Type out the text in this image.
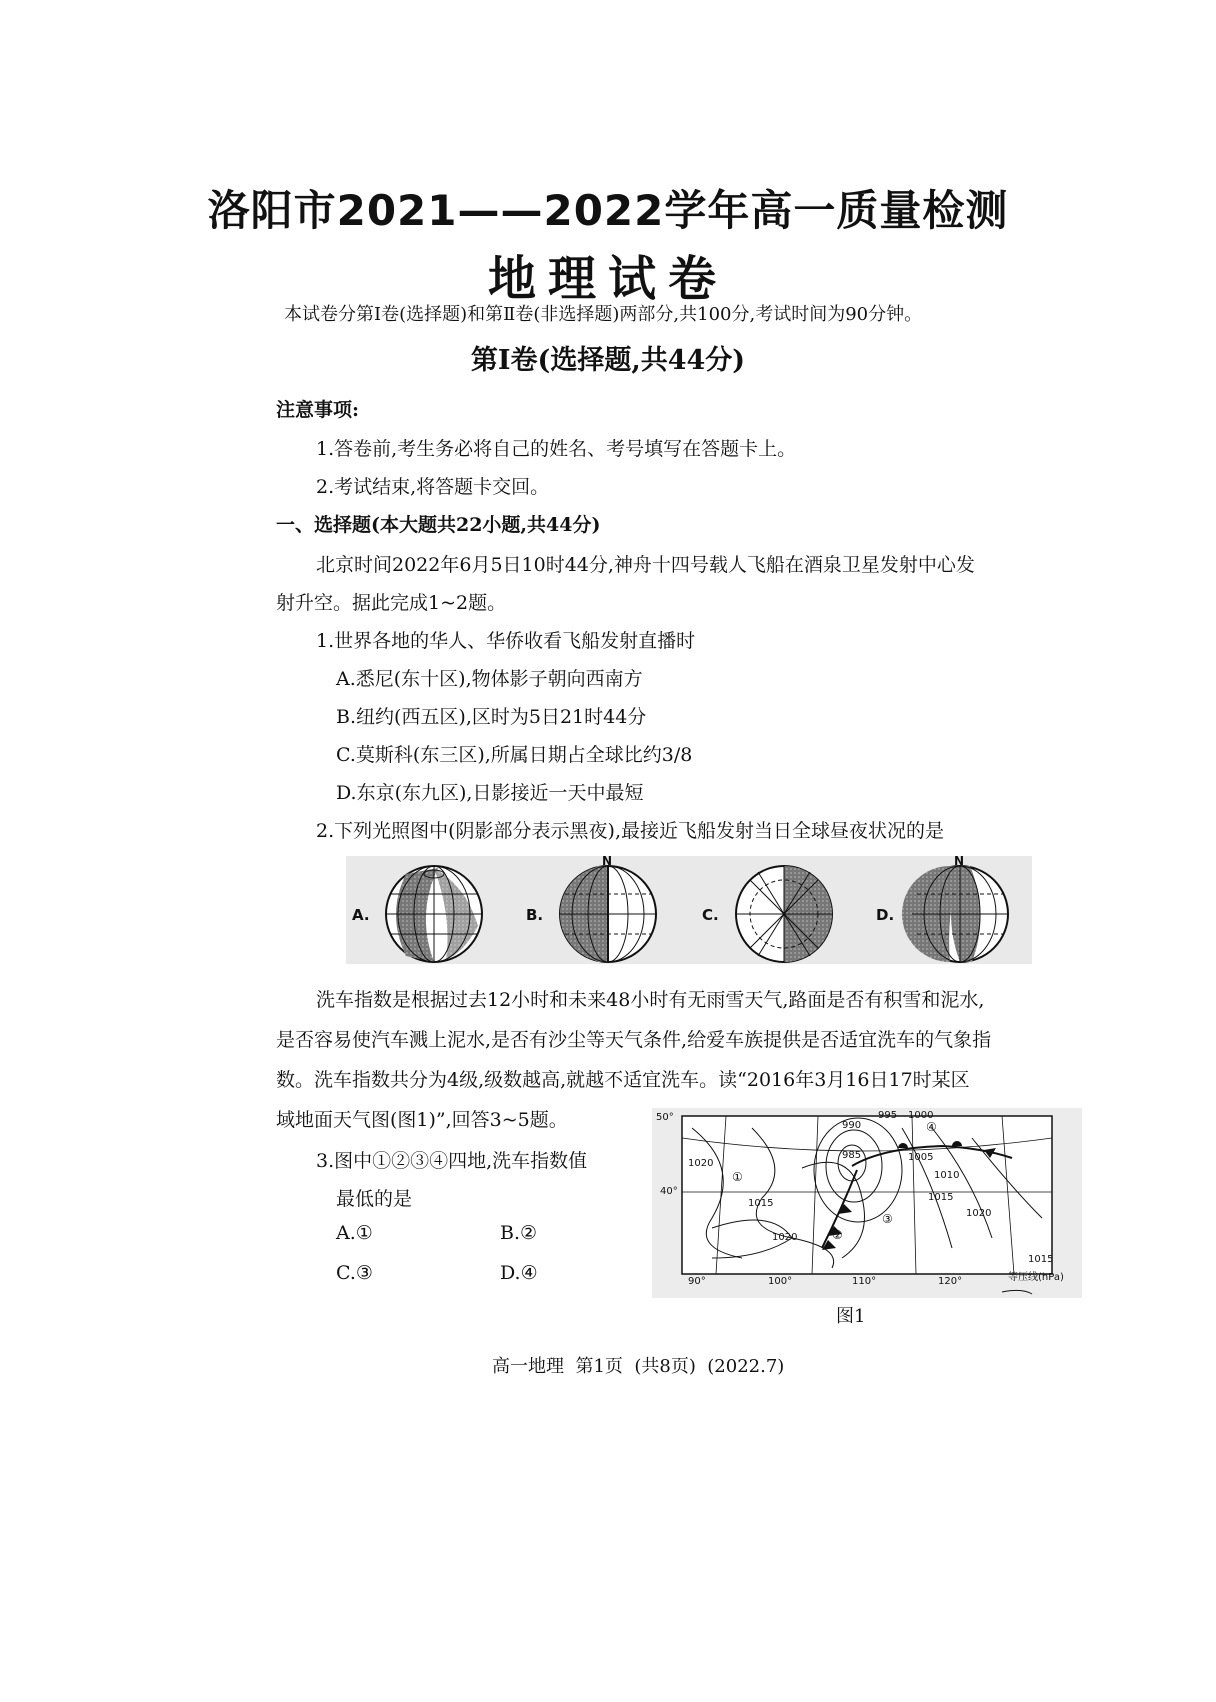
洛阳市2021——2022学年高一质量检测
地理试卷
本试卷分第Ⅰ卷(选择题)和第Ⅱ卷(非选择题)两部分,共100分,考试时间为90分钟。
第Ⅰ卷(选择题,共44分)
注意事项:
1.答卷前,考生务必将自己的姓名、考号填写在答题卡上。
2.考试结束,将答题卡交回。
一、选择题(本大题共22小题,共44分)
北京时间2022年6月5日10时44分,神舟十四号载人飞船在酒泉卫星发射中心发
射升空。据此完成1~2题。
1.世界各地的华人、华侨收看飞船发射直播时
A.悉尼(东十区),物体影子朝向西南方
B.纽约(西五区),区时为5日21时44分
C.莫斯科(东三区),所属日期占全球比约3/8
D.东京(东九区),日影接近一天中最短
2.下列光照图中(阴影部分表示黑夜),最接近飞船发射当日全球昼夜状况的是
A.	B.	C.	D.
N	N
洗车指数是根据过去12小时和未来48小时有无雨雪天气,路面是否有积雪和泥水,
是否容易使汽车溅上泥水,是否有沙尘等天气条件,给爱车族提供是否适宜洗车的气象指
数。洗车指数共分为4级,级数越高,就越不适宜洗车。读“2016年3月16日17时某区
域地面天气图(图1)”,回答3~5题。
3.图中①②③④四地,洗车指数值
最低的是
A.①	B.②
C.③	D.④
50°
40°
90°	100°	110°	120°
990
995 1000
985	1005
1010
1015
1020
1020
1015
1020
①
②
③
④
1015
等压线(hPa)
图1
高一地理  第1页  (共8页)  (2022.7)
